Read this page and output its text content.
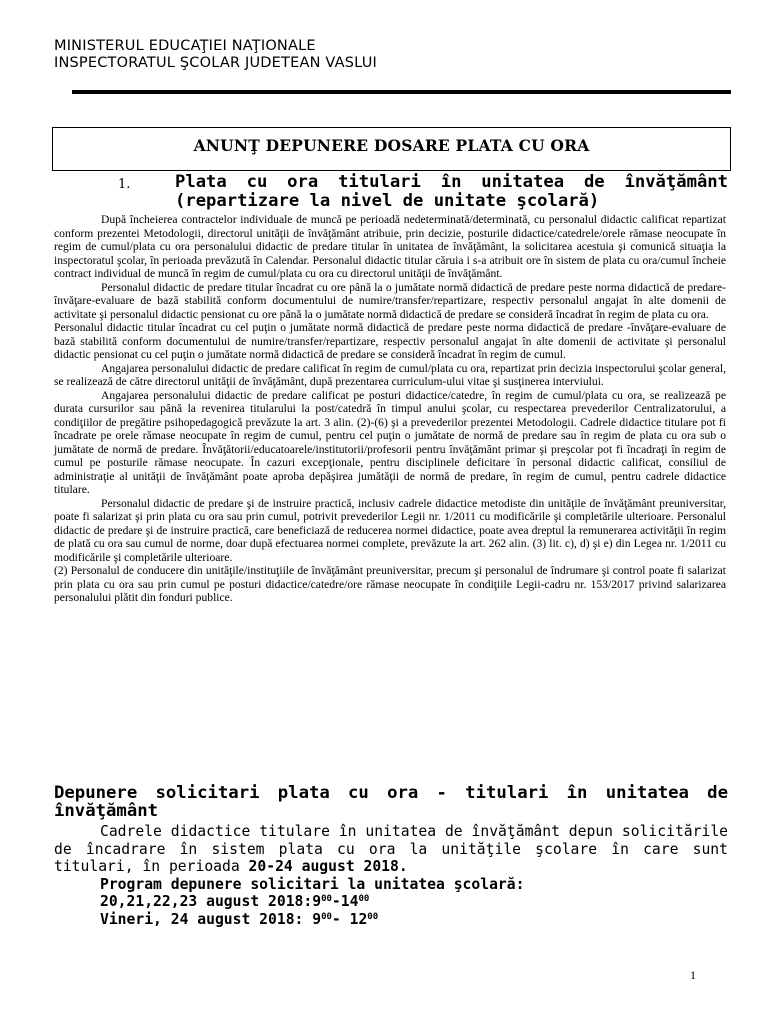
MINISTERUL EDUCAŢIEI NAŢIONALE
INSPECTORATUL ŞCOLAR JUDETEAN VASLUI
ANUNŢ DEPUNERE DOSARE PLATA CU ORA
1.	Plata cu ora titulari în unitatea de învăţământ (repartizare la nivel de unitate şcolară)

După încheierea contractelor individuale de muncă pe perioadă nedeterminată/determinată, cu personalul didactic calificat repartizat conform prezentei Metodologii, directorul unităţii de învăţământ atribuie, prin decizie, posturile didactice/catedrele/orele rămase neocupate în regim de cumul/plata cu ora personalului didactic de predare titular în unitatea de învăţământ, la solicitarea acestuia şi comunică situaţia la inspectoratul şcolar, în perioada prevăzută în Calendar. Personalul didactic titular căruia i s-a atribuit ore în sistem de plata cu ora/cumul încheie contract individual de muncă în regim de cumul/plata cu ora cu directorul unităţii de învăţământ.

Personalul didactic de predare titular încadrat cu ore până la o jumătate normă didactică de predare peste norma didactică de predare-învăţare-evaluare de bază stabilită conform documentului de numire/transfer/repartizare, respectiv personalul angajat în alte domenii de activitate şi personalul didactic pensionat cu ore până la o jumătate normă didactică de predare se consideră încadrat în regim de plata cu ora.

Personalul didactic titular încadrat cu cel puţin o jumătate normă didactică de predare peste norma didactică de predare -învăţare-evaluare de bază stabilită conform documentului de numire/transfer/repartizare, respectiv personalul angajat în alte domenii de activitate şi personalul didactic pensionat cu cel puţin o jumătate normă didactică de predare se consideră încadrat în regim de cumul.

Angajarea personalului didactic de predare calificat în regim de cumul/plata cu ora, repartizat prin decizia inspectorului şcolar general, se realizează de către directorul unităţii de învăţământ, după prezentarea curriculum-ului vitae şi susţinerea interviului.

Angajarea personalului didactic de predare calificat pe posturi didactice/catedre, în regim de cumul/plata cu ora, se realizează pe durata cursurilor sau până la revenirea titularului la post/catedră în timpul anului şcolar, cu respectarea prevederilor Centralizatorului, a condiţiilor de pregătire psihopedagogică prevăzute la art. 3 alin. (2)-(6) şi a prevederilor prezentei Metodologii. Cadrele didactice titulare pot fi încadrate pe orele rămase neocupate în regim de cumul, pentru cel puţin o jumătate de normă de predare sau în regim de plata cu ora sub o jumătate de normă de predare. Învăţătorii/educatoarele/institutorii/profesorii pentru învăţământ primar şi preşcolar pot fi încadraţi în regim de cumul pe posturile rămase neocupate. În cazuri excepţionale, pentru disciplinele deficitare în personal didactic calificat, consiliul de administraţie al unităţii de învăţământ poate aproba depăşirea jumătăţii de normă de predare, în regim de cumul, pentru cadrele didactice titulare.

Personalul didactic de predare şi de instruire practică, inclusiv cadrele didactice metodiste din unităţile de învăţământ preuniversitar, poate fi salarizat şi prin plata cu ora sau prin cumul, potrivit prevederilor Legii nr. 1/2011 cu modificările şi completările ulterioare. Personalul didactic de predare şi de instruire practică, care beneficiază de reducerea normei didactice, poate avea dreptul la remunerarea activităţii în regim de plată cu ora sau cumul de norme, doar după efectuarea normei complete, prevăzute la art. 262 alin. (3) lit. c), d) şi e) din Legea nr. 1/2011 cu modificările şi completările ulterioare.

(2) Personalul de conducere din unităţile/instituţiile de învăţământ preuniversitar, precum şi personalul de îndrumare şi control poate fi salarizat prin plata cu ora sau prin cumul pe posturi didactice/catedre/ore rămase neocupate în condiţiile Legii-cadru nr. 153/2017 privind salarizarea personalului plătit din fonduri publice.

Depunere solicitari plata cu ora - titulari în unitatea de învăţământ
Cadrele didactice titulare în unitatea de învăţământ depun solicitările de încadrare în sistem plata cu ora la unităţile şcolare în care sunt titulari, în perioada 20-24 august 2018.
Program depunere solicitari la unitatea şcolară:
20,21,22,23 august $2018:9^{00}-14^{00}$
Vineri, 24 august 2018: $9^{00}-$ $12^{00}$
1
